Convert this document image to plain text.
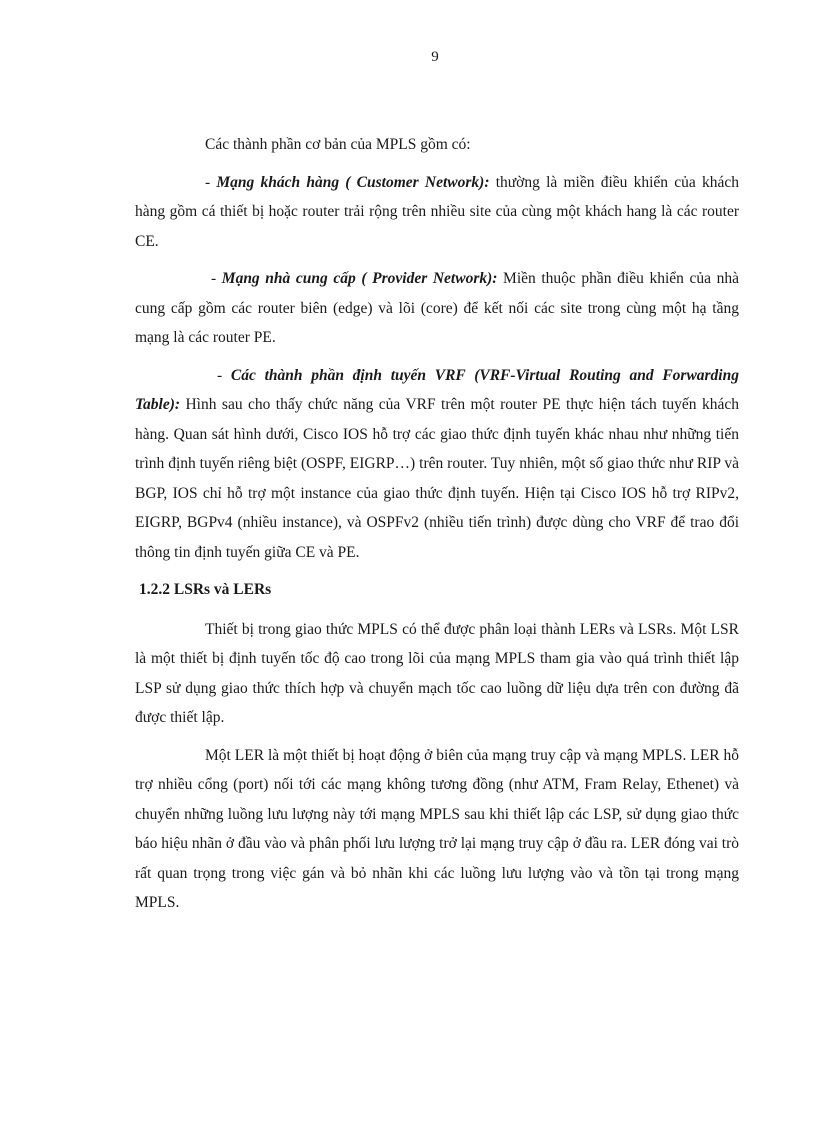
9

Các thành phần cơ bản của MPLS gồm có:

- Mạng khách hàng ( Customer Network): thường là miền điều khiển của khách hàng gồm cá thiết bị hoặc router trải rộng trên nhiều site của cùng một khách hang là các router CE.

- Mạng nhà cung cấp ( Provider Network): Miền thuộc phần điều khiển của nhà cung cấp gồm các router biên (edge) và lõi (core) để kết nối các site trong cùng một hạ tầng mạng là các router PE.

- Các thành phần định tuyến VRF (VRF-Virtual Routing and Forwarding Table): Hình sau cho thấy chức năng của VRF trên một router PE thực hiện tách tuyến khách hàng. Quan sát hình dưới, Cisco IOS hỗ trợ các giao thức định tuyến khác nhau như những tiến trình định tuyến riêng biệt (OSPF, EIGRP…) trên router. Tuy nhiên, một số giao thức như RIP và BGP, IOS chỉ hỗ trợ một instance của giao thức định tuyến. Hiện tại Cisco IOS hỗ trợ RIPv2, EIGRP, BGPv4 (nhiều instance), và OSPFv2 (nhiều tiến trình) được dùng cho VRF để trao đổi thông tin định tuyến giữa CE và PE.

1.2.2 LSRs và LERs

Thiết bị trong giao thức MPLS có thể được phân loại thành LERs và LSRs. Một LSR là một thiết bị định tuyến tốc độ cao trong lõi của mạng MPLS tham gia vào quá trình thiết lập LSP sử dụng giao thức thích hợp và chuyển mạch tốc cao luồng dữ liệu dựa trên con đường đã được thiết lập.

Một LER là một thiết bị hoạt động ở biên của mạng truy cập và mạng MPLS. LER hỗ trợ nhiều cổng (port) nối tới các mạng không tương đồng (như ATM, Fram Relay, Ethenet) và chuyển những luồng lưu lượng này tới mạng MPLS sau khi thiết lập các LSP, sử dụng giao thức báo hiệu nhãn ở đầu vào và phân phối lưu lượng trở lại mạng truy cập ở đầu ra. LER đóng vai trò rất quan trọng trong việc gán và bỏ nhãn khi các luồng lưu lượng vào và tồn tại trong mạng MPLS.
